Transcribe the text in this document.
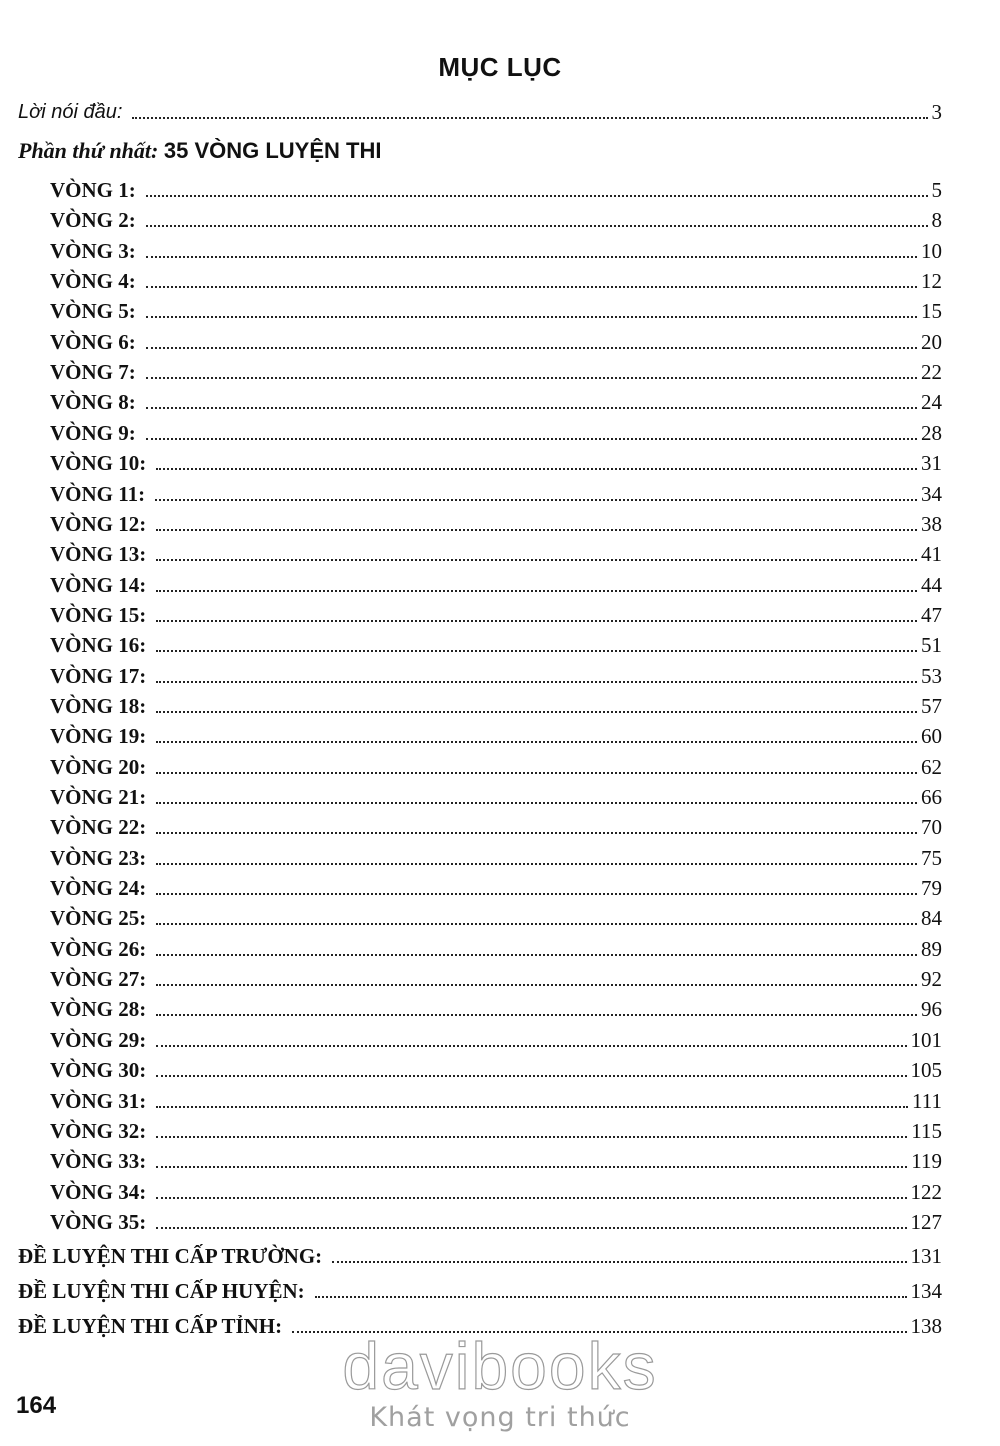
MỤC LỤC
Lời nói đầu:	3
Phần thứ nhất: 35 VÒNG LUYỆN THI
VÒNG 1:	5
VÒNG 2:	8
VÒNG 3:	10
VÒNG 4:	12
VÒNG 5:	15
VÒNG 6:	20
VÒNG 7:	22
VÒNG 8:	24
VÒNG 9:	28
VÒNG 10:	31
VÒNG 11:	34
VÒNG 12:	38
VÒNG 13:	41
VÒNG 14:	44
VÒNG 15:	47
VÒNG 16:	51
VÒNG 17:	53
VÒNG 18:	57
VÒNG 19:	60
VÒNG 20:	62
VÒNG 21:	66
VÒNG 22:	70
VÒNG 23:	75
VÒNG 24:	79
VÒNG 25:	84
VÒNG 26:	89
VÒNG 27:	92
VÒNG 28:	96
VÒNG 29:	101
VÒNG 30:	105
VÒNG 31:	111
VÒNG 32:	115
VÒNG 33:	119
VÒNG 34:	122
VÒNG 35:	127
ĐỀ LUYỆN THI CẤP TRƯỜNG:	131
ĐỀ LUYỆN THI CẤP HUYỆN:	134
ĐỀ LUYỆN THI CẤP TỈNH:	138
164
davibooks
Khát vọng tri thức
